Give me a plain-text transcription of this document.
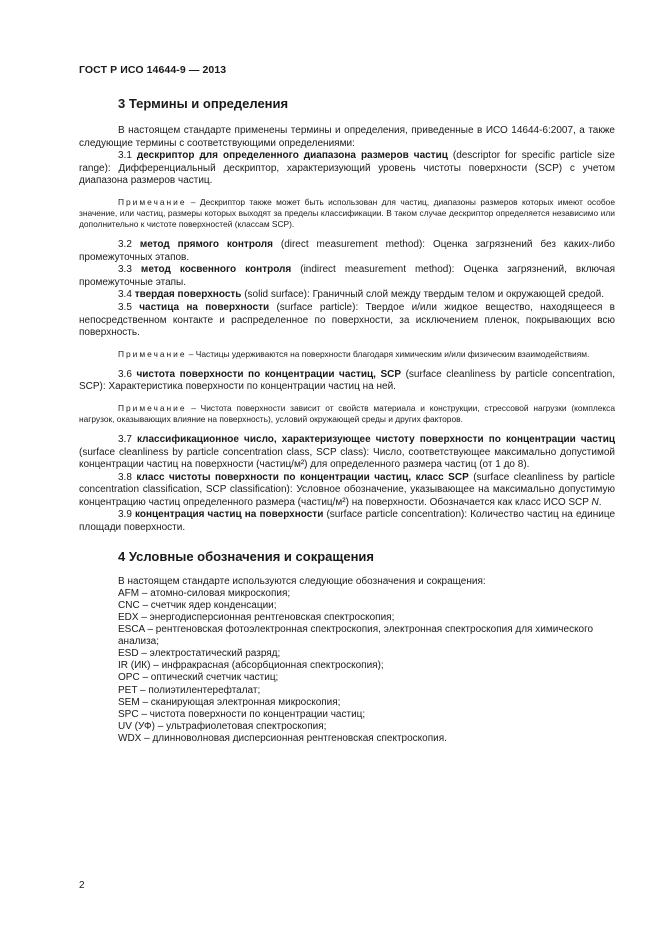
ГОСТ Р ИСО 14644-9 — 2013
3 Термины и определения

В настоящем стандарте применены термины и определения, приведенные в ИСО 14644-6:2007, а также следующие термины с соответствующими определениями:

3.1 дескриптор для определенного диапазона размеров частиц (descriptor for specific particle size range): Дифференциальный дескриптор, характеризующий уровень чистоты поверхности (SCP) с учетом диапазона размеров частиц.

Примечание – Дескриптор также может быть использован для частиц, диапазоны размеров которых имеют особое значение, или частиц, размеры которых выходят за пределы классификации. В таком случае дескриптор определяется независимо или дополнительно к чистоте поверхностей (классам SCP).

3.2 метод прямого контроля (direct measurement method): Оценка загрязнений без каких-либо промежуточных этапов.

3.3 метод косвенного контроля (indirect measurement method): Оценка загрязнений, включая промежуточные этапы.

3.4 твердая поверхность (solid surface): Граничный слой между твердым телом и окружающей средой.

3.5 частица на поверхности (surface particle): Твердое и/или жидкое вещество, находящееся в непосредственном контакте и распределенное по поверхности, за исключением пленок, покрывающих всю поверхность.

Примечание – Частицы удерживаются на поверхности благодаря химическим и/или физическим взаимодействиям.

3.6 чистота поверхности по концентрации частиц, SCP (surface cleanliness by particle concentration, SCP): Характеристика поверхности по концентрации частиц на ней.

Примечание – Чистота поверхности зависит от свойств материала и конструкции, стрессовой нагрузки (комплекса нагрузок, оказывающих влияние на поверхность), условий окружающей среды и других факторов.

3.7 классификационное число, характеризующее чистоту поверхности по концентрации частиц (surface cleanliness by particle concentration class, SCP class): Число, соответствующее максимально допустимой концентрации частиц на поверхности (частиц/м²) для определенного размера частиц (от 1 до 8).

3.8 класс чистоты поверхности по концентрации частиц, класс SCP (surface cleanliness by particle concentration classification, SCP classification): Условное обозначение, указывающее на максимально допустимую концентрацию частиц определенного размера (частиц/м²) на поверхности. Обозначается как класс ИСО SCP N.

3.9 концентрация частиц на поверхности (surface particle concentration): Количество частиц на единице площади поверхности.

4 Условные обозначения и сокращения
В настоящем стандарте используются следующие обозначения и сокращения:
AFM – атомно-силовая микроскопия;
CNC – счетчик ядер конденсации;
EDX – энергодисперсионная рентгеновская спектроскопия;
ESCA – рентгеновская фотоэлектронная спектроскопия, электронная спектроскопия для химического анализа;
ESD – электростатический разряд;
IR (ИК) – инфракрасная (абсорбционная спектроскопия);
OPC – оптический счетчик частиц;
PET – полиэтилентерефталат;
SEM – сканирующая электронная микроскопия;
SPC – чистота поверхности по концентрации частиц;
UV (УФ) – ультрафиолетовая спектроскопия;
WDX – длинноволновая дисперсионная рентгеновская спектроскопия.
2
